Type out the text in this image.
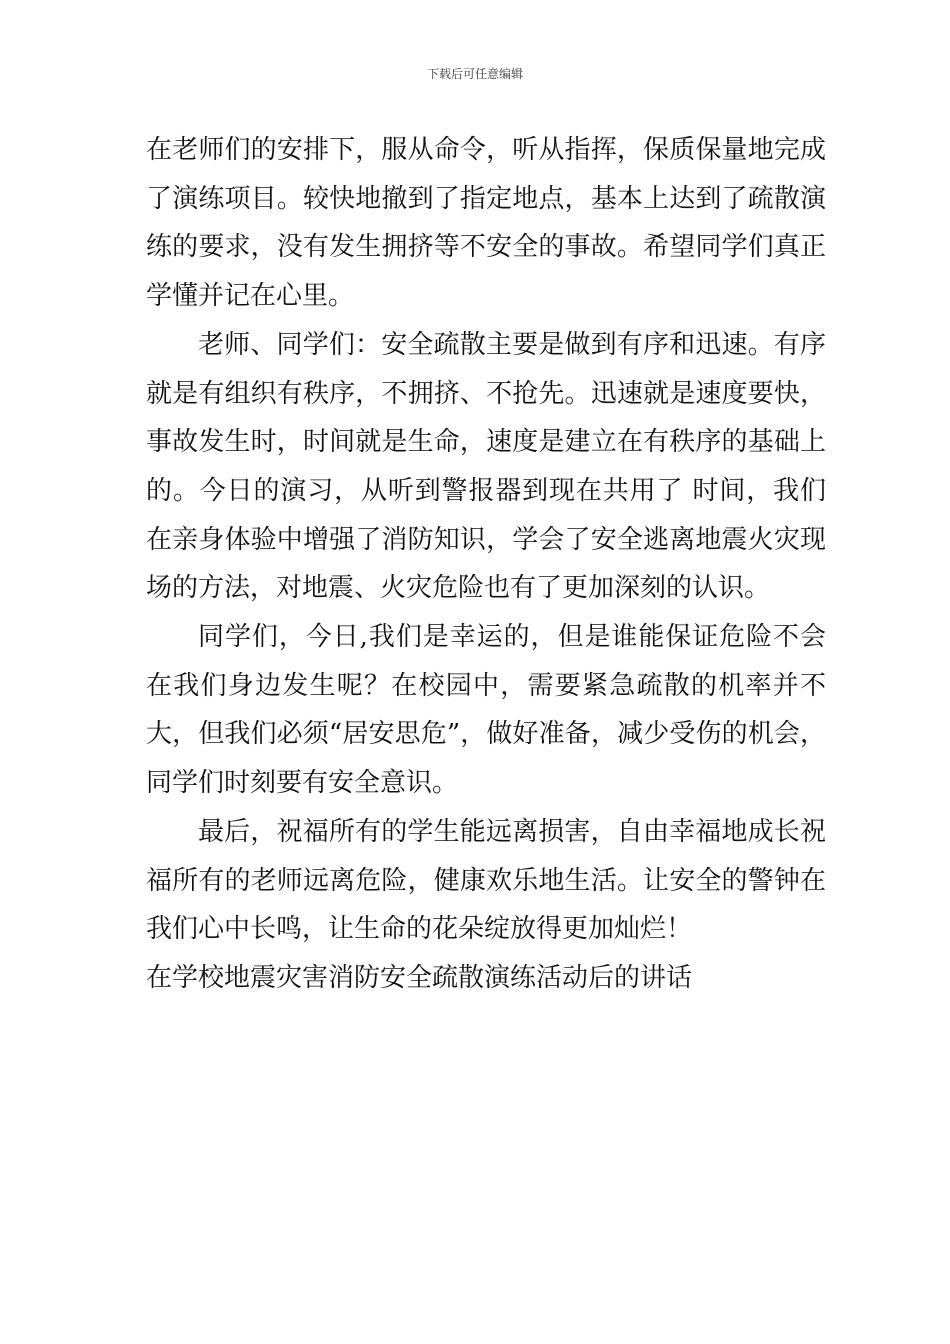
下载后可任意编辑

在老师们的安排下，服从命令，听从指挥，保质保量地完成了演练项目。较快地撤到了指定地点，基本上达到了疏散演练的要求，没有发生拥挤等不安全的事故。希望同学们真正学懂并记在心里。

老师、同学们：安全疏散主要是做到有序和迅速。有序就是有组织有秩序，不拥挤、不抢先。迅速就是速度要快，事故发生时，时间就是生命，速度是建立在有秩序的基础上的。今日的演习，从听到警报器到现在共用了 时间，我们在亲身体验中增强了消防知识，学会了安全逃离地震火灾现场的方法，对地震、火灾危险也有了更加深刻的认识。

同学们，今日,我们是幸运的，但是谁能保证危险不会在我们身边发生呢？在校园中，需要紧急疏散的机率并不大，但我们必须“居安思危”，做好准备，减少受伤的机会，同学们时刻要有安全意识。

最后，祝福所有的学生能远离损害，自由幸福地成长祝福所有的老师远离危险，健康欢乐地生活。让安全的警钟在我们心中长鸣，让生命的花朵绽放得更加灿烂！

在学校地震灾害消防安全疏散演练活动后的讲话
